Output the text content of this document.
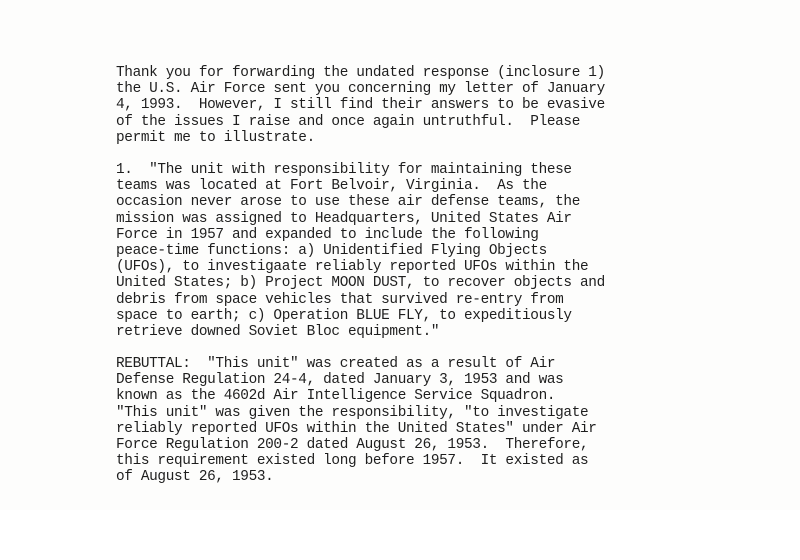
Thank you for forwarding the undated response (inclosure 1)
the U.S. Air Force sent you concerning my letter of January
4, 1993.  However, I still find their answers to be evasive
of the issues I raise and once again untruthful.  Please
permit me to illustrate.

1.  "The unit with responsibility for maintaining these
teams was located at Fort Belvoir, Virginia.  As the
occasion never arose to use these air defense teams, the
mission was assigned to Headquarters, United States Air
Force in 1957 and expanded to include the following
peace-time functions: a) Unidentified Flying Objects
(UFOs), to investigaate reliably reported UFOs within the
United States; b) Project MOON DUST, to recover objects and
debris from space vehicles that survived re-entry from
space to earth; c) Operation BLUE FLY, to expeditiously
retrieve downed Soviet Bloc equipment."

REBUTTAL:  "This unit" was created as a result of Air
Defense Regulation 24-4, dated January 3, 1953 and was
known as the 4602d Air Intelligence Service Squadron.
"This unit" was given the responsibility, "to investigate
reliably reported UFOs within the United States" under Air
Force Regulation 200-2 dated August 26, 1953.  Therefore,
this requirement existed long before 1957.  It existed as
of August 26, 1953.
